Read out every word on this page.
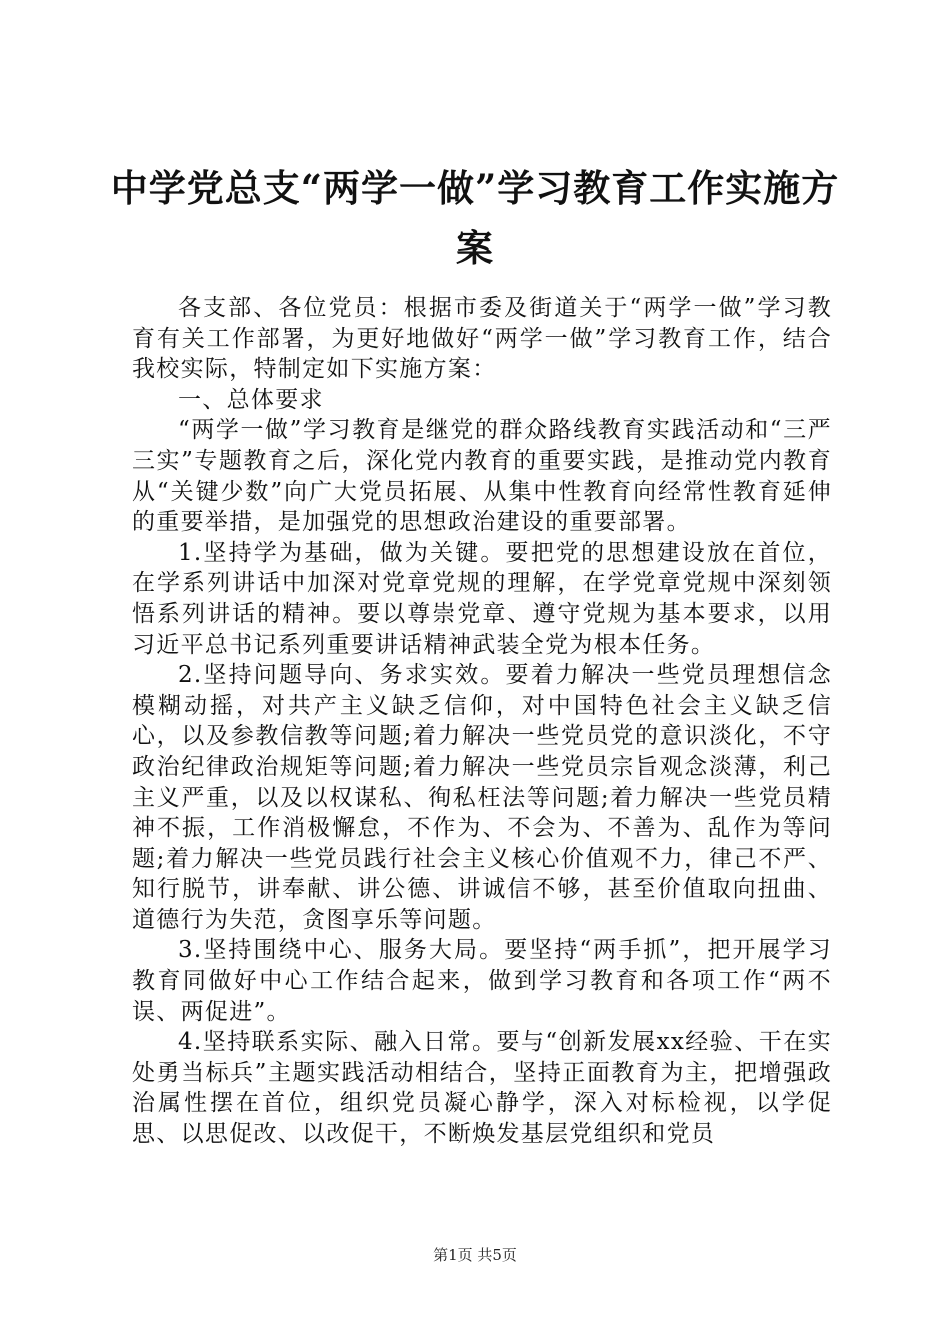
中学党总支“两学一做”学习教育工作实施方案

各支部、各位党员：根据市委及街道关于“两学一做”学习教育有关工作部署，为更好地做好“两学一做”学习教育工作，结合我校实际，特制定如下实施方案：

一、总体要求

“两学一做”学习教育是继党的群众路线教育实践活动和“三严三实”专题教育之后，深化党内教育的重要实践，是推动党内教育从“关键少数”向广大党员拓展、从集中性教育向经常性教育延伸的重要举措，是加强党的思想政治建设的重要部署。

1.坚持学为基础，做为关键。要把党的思想建设放在首位，在学系列讲话中加深对党章党规的理解，在学党章党规中深刻领悟系列讲话的精神。要以尊崇党章、遵守党规为基本要求，以用习近平总书记系列重要讲话精神武装全党为根本任务。

2.坚持问题导向、务求实效。要着力解决一些党员理想信念模糊动摇，对共产主义缺乏信仰，对中国特色社会主义缺乏信心，以及参教信教等问题;着力解决一些党员党的意识淡化，不守政治纪律政治规矩等问题;着力解决一些党员宗旨观念淡薄，利己主义严重，以及以权谋私、徇私枉法等问题;着力解决一些党员精神不振，工作消极懈怠，不作为、不会为、不善为、乱作为等问题;着力解决一些党员践行社会主义核心价值观不力，律己不严、知行脱节，讲奉献、讲公德、讲诚信不够，甚至价值取向扭曲、道德行为失范，贪图享乐等问题。

3.坚持围绕中心、服务大局。要坚持“两手抓”，把开展学习教育同做好中心工作结合起来，做到学习教育和各项工作“两不误、两促进”。

4.坚持联系实际、融入日常。要与“创新发展xx经验、干在实处勇当标兵”主题实践活动相结合，坚持正面教育为主，把增强政治属性摆在首位，组织党员凝心静学，深入对标检视，以学促思、以思促改、以改促干，不断焕发基层党组织和党员

第1页 共5页
